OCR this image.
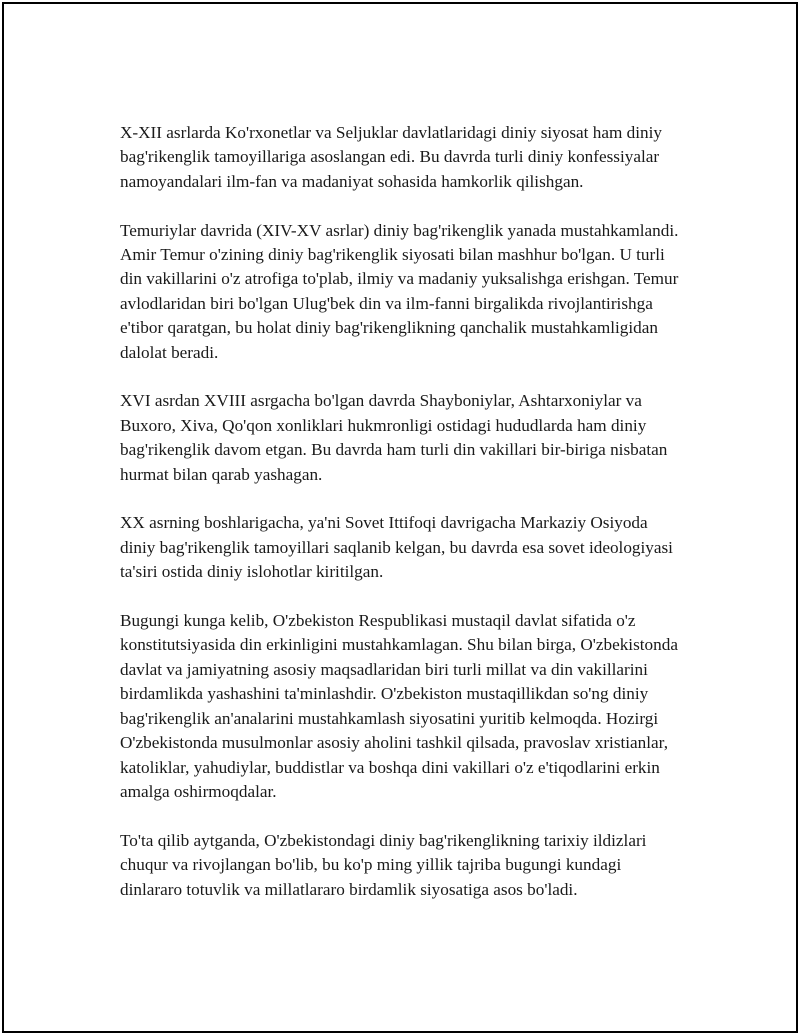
X-XII asrlarda Ko'rxonetlar va Seljuklar davlatlaridagi diniy siyosat ham diniy bag'rikenglik tamoyillariga asoslangan edi. Bu davrda turli diniy konfessiyalar namoyandalari ilm-fan va madaniyat sohasida hamkorlik qilishgan.

Temuriylar davrida (XIV-XV asrlar) diniy bag'rikenglik yanada mustahkamlandi. Amir Temur o'zining diniy bag'rikenglik siyosati bilan mashhur bo'lgan. U turli din vakillarini o'z atrofiga to'plab, ilmiy va madaniy yuksalishga erishgan. Temur avlodlaridan biri bo'lgan Ulug'bek din va ilm-fanni birgalikda rivojlantirishga e'tibor qaratgan, bu holat diniy bag'rikenglikning qanchalik mustahkamligidan dalolat beradi.

XVI asrdan XVIII asrgacha bo'lgan davrda Shayboniylar, Ashtarxoniylar va Buxoro, Xiva, Qo'qon xonliklari hukmronligi ostidagi hududlarda ham diniy bag'rikenglik davom etgan. Bu davrda ham turli din vakillari bir-biriga nisbatan hurmat bilan qarab yashagan.

XX asrning boshlarigacha, ya'ni Sovet Ittifoqi davrigacha Markaziy Osiyoda diniy bag'rikenglik tamoyillari saqlanib kelgan, bu davrda esa sovet ideologiyasi ta'siri ostida diniy islohotlar kiritilgan.

Bugungi kunga kelib, O'zbekiston Respublikasi mustaqil davlat sifatida o'z konstitutsiyasida din erkinligini mustahkamlagan. Shu bilan birga, O'zbekistonda davlat va jamiyatning asosiy maqsadlaridan biri turli millat va din vakillarini birdamlikda yashashini ta'minlashdir. O'zbekiston mustaqillikdan so'ng diniy bag'rikenglik an'analarini mustahkamlash siyosatini yuritib kelmoqda. Hozirgi O'zbekistonda musulmonlar asosiy aholini tashkil qilsada, pravoslav xristianlar, katoliklar, yahudiylar, buddistlar va boshqa dini vakillari o'z e'tiqodlarini erkin amalga oshirmoqdalar.

To'ta qilib aytganda, O'zbekistondagi diniy bag'rikenglikning tarixiy ildizlari chuqur va rivojlangan bo'lib, bu ko'p ming yillik tajriba bugungi kundagi dinlararo totuvlik va millatlararo birdamlik siyosatiga asos bo'ladi.
